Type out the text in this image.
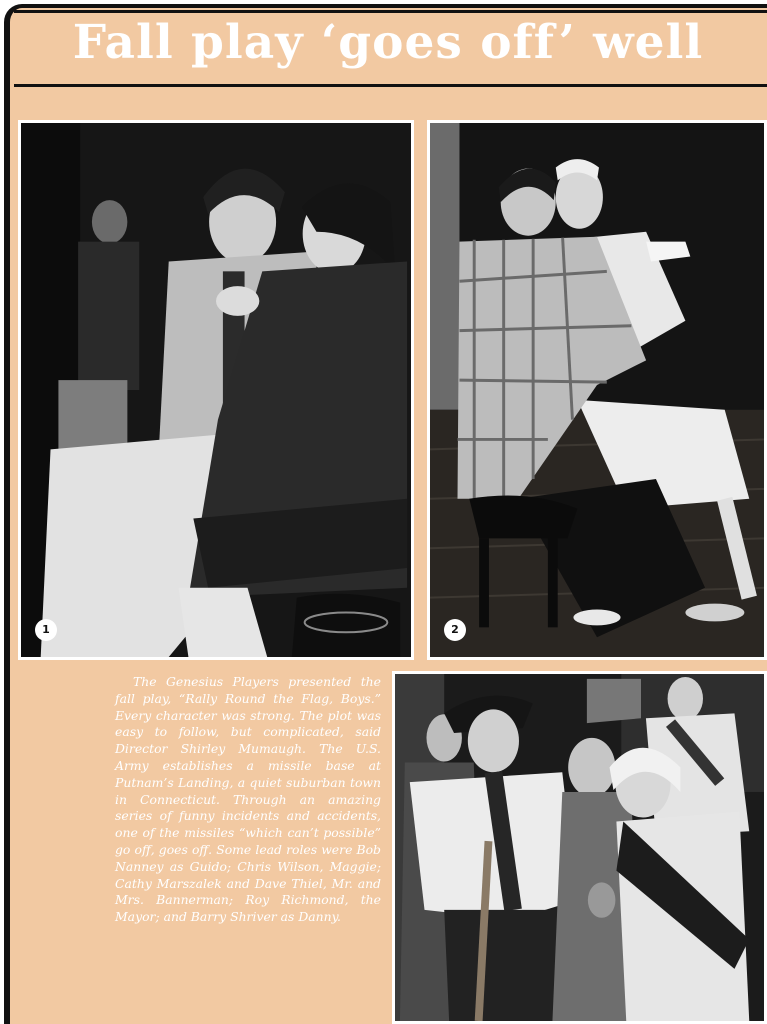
Fall play ‘goes off’ well
1	2

The Genesius Players presented the fall play, “Rally Round the Flag, Boys.” Every character was strong. The plot was easy to follow, but complicated, said Director Shirley Mumaugh. The U.S. Army establishes a missile base at Putnam’s Landing, a quiet suburban town in Connecticut. Through an amazing series of funny incidents and accidents, one of the missiles “which can’t possible” go off, goes off. Some lead roles were Bob Nanney as Guido; Chris Wilson, Maggie; Cathy Marszalek and Dave Thiel, Mr. and Mrs. Bannerman; Roy Richmond, the Mayor; and Barry Shriver as Danny.
